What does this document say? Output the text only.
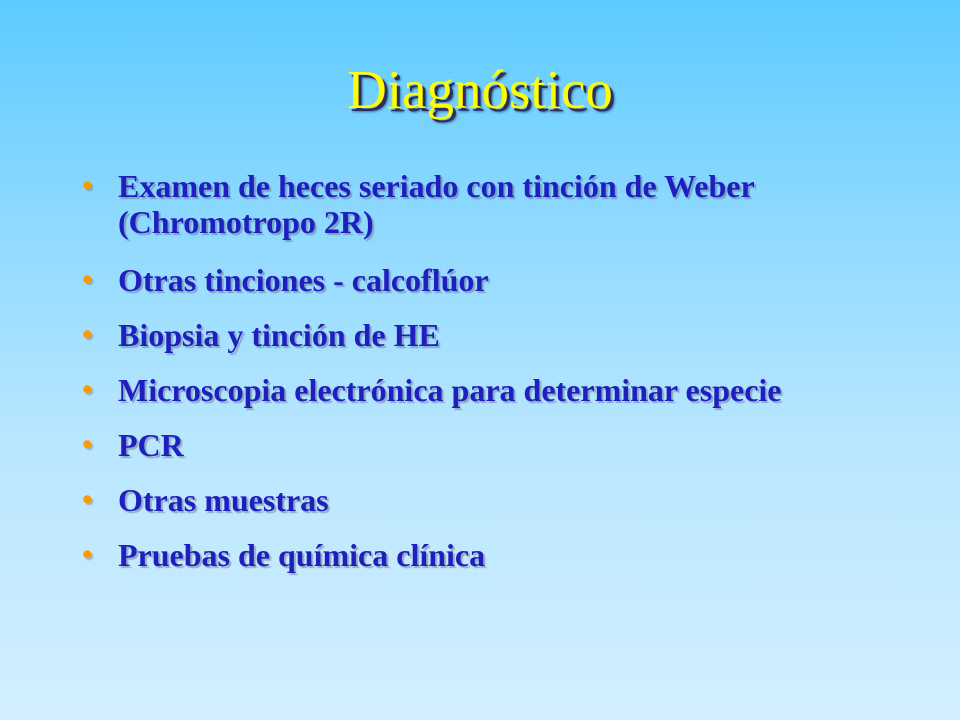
Diagnóstico
• Examen de heces seriado con tinción de Weber (Chromotropo 2R)
• Otras tinciones - calcoflúor
• Biopsia y tinción de HE
• Microscopia electrónica para determinar especie
• PCR
• Otras muestras
• Pruebas de química clínica
